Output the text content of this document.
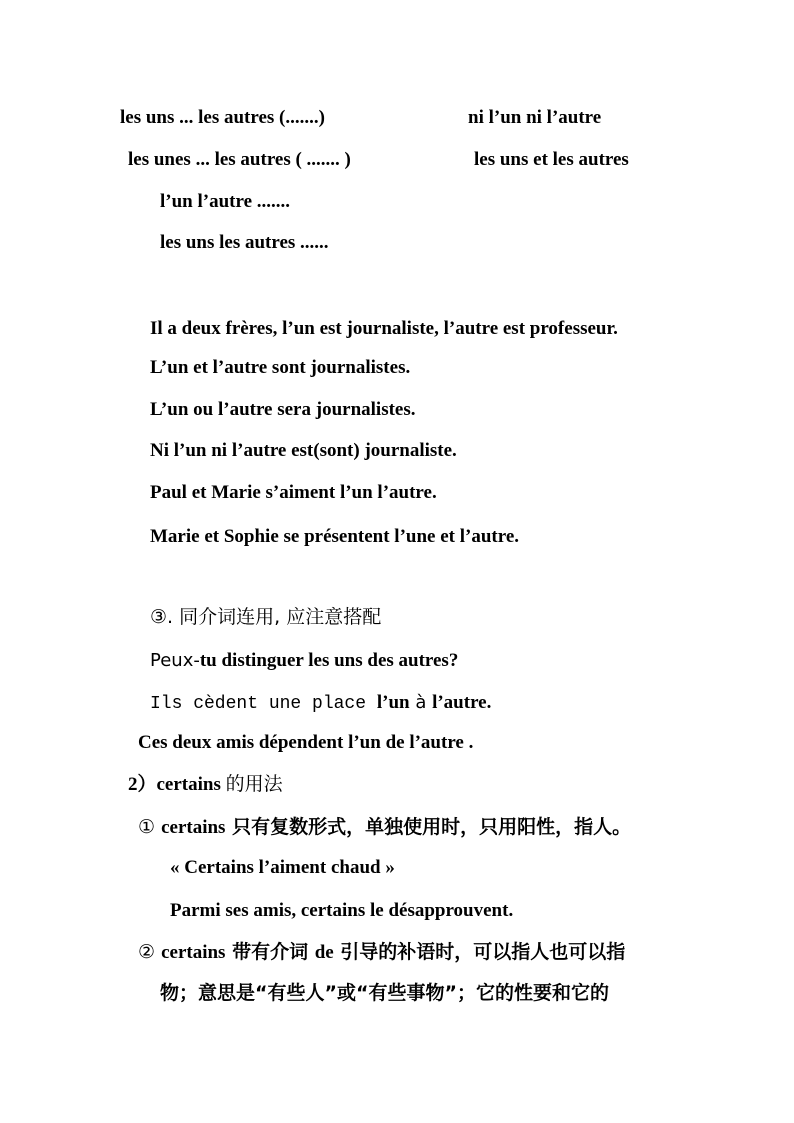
les uns ... les autres (.......)	ni l’un ni l’autre
les unes ... les autres ( ....... )	les uns et les autres
l’un l’autre .......
les uns les autres ......
Il a deux frères, l’un est journaliste, l’autre est professeur.
L’un et l’autre sont journalistes.
L’un ou l’autre sera journalistes.
Ni l’un ni l’autre est(sont) journaliste.
Paul et Marie s’aiment l’un l’autre.
Marie et Sophie se présentent l’une et l’autre.
③. 同介词连用, 应注意搭配
Peux-tu distinguer les uns des autres?
Ils cèdent une place l’un à l’autre.
Ces deux amis dépendent l’un de l’autre .
2）certains 的用法
① certains 只有复数形式，单独使用时，只用阳性，指人。
« Certains l’aiment chaud »
Parmi ses amis, certains le désapprouvent.
② certains 带有介词 de 引导的补语时，可以指人也可以指
物；意思是“有些人”或“有些事物”；它的性要和它的
